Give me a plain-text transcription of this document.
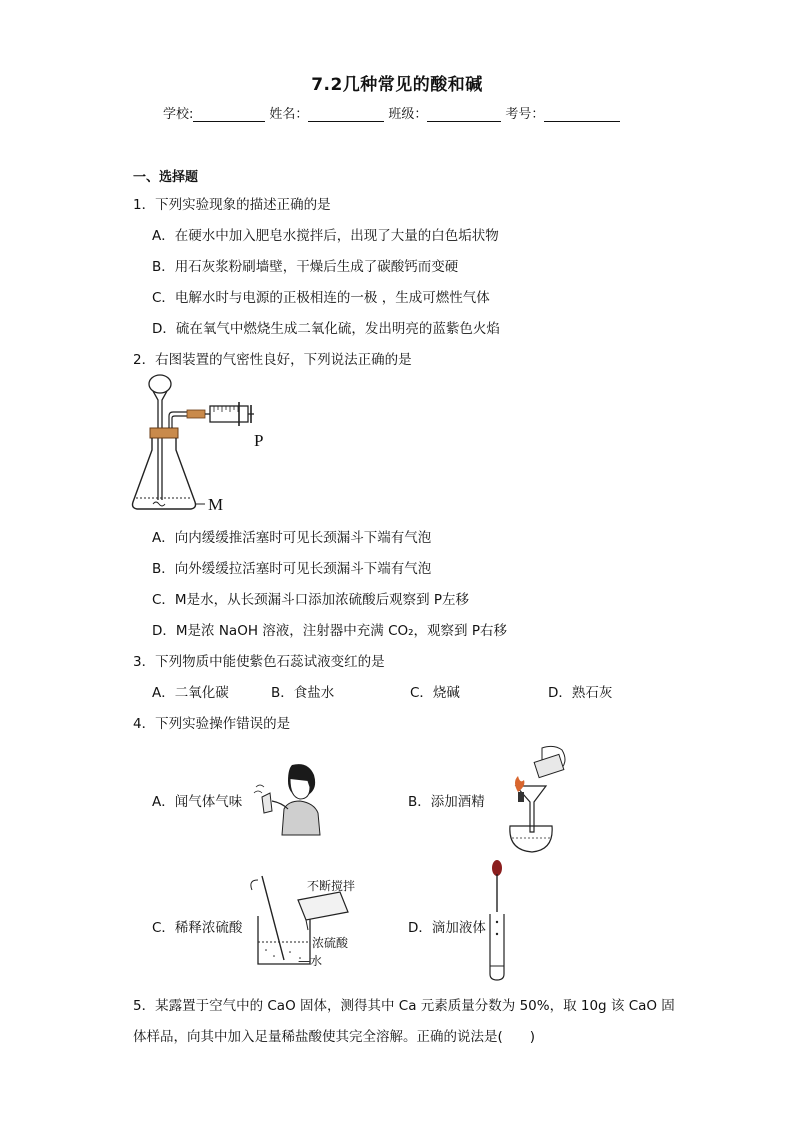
7.2几种常见的酸和碱
学校:	姓名：	班级：	考号：
一、选择题
1．下列实验现象的描述正确的是
A．在硬水中加入肥皂水搅拌后，出现了大量的白色垢状物
B．用石灰浆粉刷墙壁，干燥后生成了碳酸钙而变硬
C．电解水时与电源的正极相连的一极 ，生成可燃性气体
D．硫在氧气中燃烧生成二氧化硫，发出明亮的蓝紫色火焰
2．右图装置的气密性良好，下列说法正确的是
P
M
A．向内缓缓推活塞时可见长颈漏斗下端有气泡
B．向外缓缓拉活塞时可见长颈漏斗下端有气泡
C．M是水，从长颈漏斗口添加浓硫酸后观察到 P左移
D．M是浓 NaOH 溶液，注射器中充满 CO₂，观察到 P右移
3．下列物质中能使紫色石蕊试液变红的是
A．二氧化碳	B．食盐水	C．烧碱	D．熟石灰
4．下列实验操作错误的是
A．闻气体气味	B．添加酒精
C．稀释浓硫酸
不断搅拌
浓硫酸
—水
D．滴加液体
5．某露置于空气中的 CaO 固体，测得其中 Ca 元素质量分数为 50%，取 10g 该 CaO 固
体样品，向其中加入足量稀盐酸使其完全溶解。正确的说法是(　　)
